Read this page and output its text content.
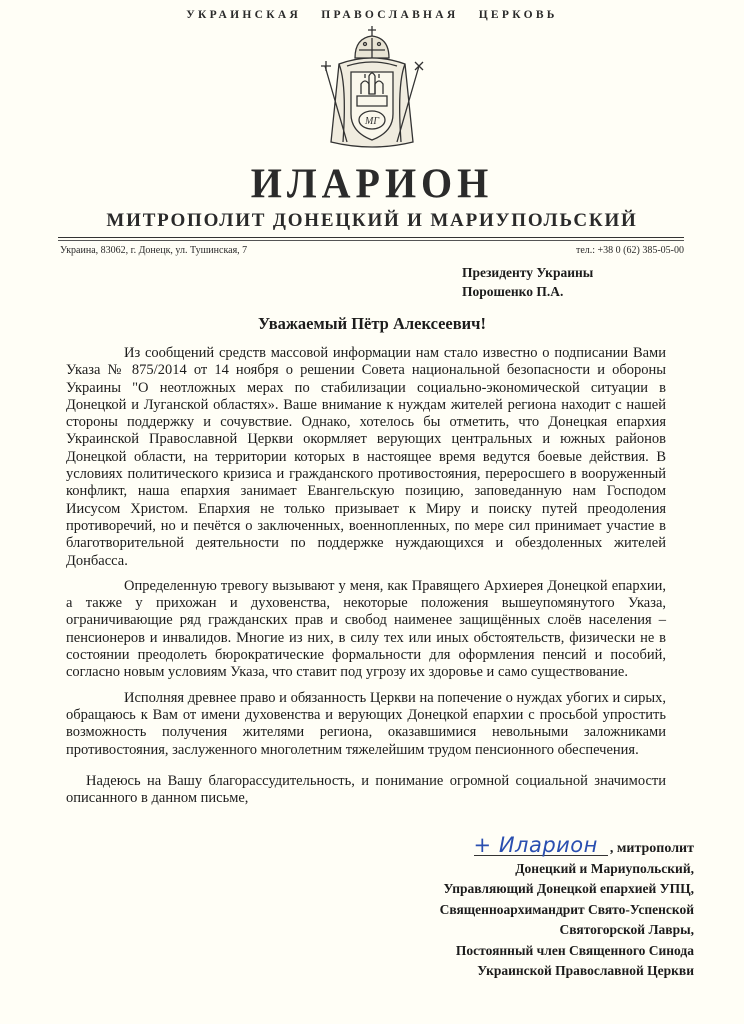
УКРАИНСКАЯ ПРАВОСЛАВНАЯ ЦЕРКОВЬ
МГ
ИЛАРИОН
МИТРОПОЛИТ ДОНЕЦКИЙ И МАРИУПОЛЬСКИЙ
Украина, 83062, г. Донецк, ул. Тушинская, 7	тел.: +38 0 (62) 385-05-00
Президенту Украины
Порошенко П.А.
Уважаемый Пётр Алексеевич!

Из сообщений средств массовой информации нам стало известно о подписании Вами Указа № 875/2014 от 14 ноября о решении Совета национальной безопасности и обороны Украины "О неотложных мерах по стабилизации социально-экономической ситуации в Донецкой и Луганской областях». Ваше внимание к нуждам жителей региона находит с нашей стороны поддержку и сочувствие. Однако, хотелось бы отметить, что Донецкая епархия Украинской Православной Церкви окормляет верующих центральных и южных районов Донецкой области, на территории которых в настоящее время ведутся боевые действия. В условиях политического кризиса и гражданского противостояния, переросшего в вооруженный конфликт, наша епархия занимает Евангельскую позицию, заповеданную нам Господом Иисусом Христом. Епархия не только призывает к Миру и поиску путей преодоления противоречий, но и печётся о заключенных, военнопленных, по мере сил принимает участие в благотворительной деятельности по поддержке нуждающихся и обездоленных жителей Донбасса.

Определенную тревогу вызывают у меня, как Правящего Архиерея Донецкой епархии, а также у прихожан и духовенства, некоторые положения вышеупомянутого Указа, ограничивающие ряд гражданских прав и свобод наименее защищённых слоёв населения – пенсионеров и инвалидов. Многие из них, в силу тех или иных обстоятельств, физически не в состоянии преодолеть бюрократические формальности для оформления пенсий и пособий, согласно новым условиям Указа, что ставит под угрозу их здоровье и само существование.

Исполняя древнее право и обязанность Церкви на попечение о нуждах убогих и сирых, обращаюсь к Вам от имени духовенства и верующих Донецкой епархии с просьбой упростить возможность получения жителями региона, оказавшимися невольными заложниками противостояния, заслуженного многолетним тяжелейшим трудом пенсионного обеспечения.

Надеюсь на Вашу благорассудительность, и понимание огромной социальной значимости описанного в данном письме,

+ Иларион , митрополит
Донецкий и Мариупольский,
Управляющий Донецкой епархией УПЦ,
Священноархимандрит Свято-Успенской
Святогорской Лавры,
Постоянный член Священного Синода
Украинской Православной Церкви
